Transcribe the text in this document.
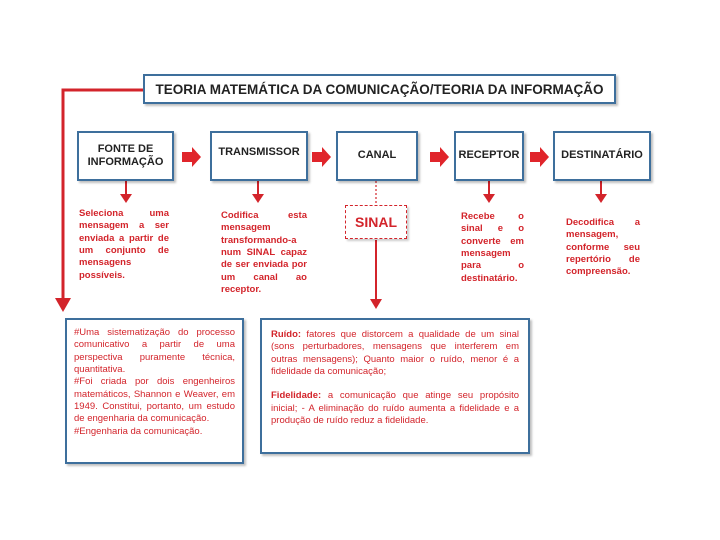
TEORIA MATEMÁTICA DA COMUNICAÇÃO/TEORIA DA INFORMAÇÃO
FONTE DE INFORMAÇÃO
TRANSMISSOR	CANAL	RECEPTOR	DESTINATÁRIO
SINAL
Seleciona uma mensagem a ser enviada a partir de um conjunto de mensagens possíveis.
Codifica esta mensagem transformando-a num SINAL capaz de ser enviada por um canal ao receptor.
Recebe o sinal e o converte em mensagem para o destinatário.
Decodifica a mensagem, conforme seu repertório de compreensão.
#Uma sistematização do processo comunicativo a partir de uma perspectiva puramente técnica, quantitativa.
#Foi criada por dois engenheiros matemáticos, Shannon e Weaver, em 1949. Constitui, portanto, um estudo de engenharia da comunicação.
#Engenharia da comunicação.
Ruído: fatores que distorcem a qualidade de um sinal (sons perturbadores, mensagens que interferem em outras mensagens); Quanto maior o ruído, menor é a fidelidade da comunicação;
Fidelidade: a comunicação que atinge seu propósito inicial; - A eliminação do ruído aumenta a fidelidade e a produção de ruído reduz a fidelidade.
